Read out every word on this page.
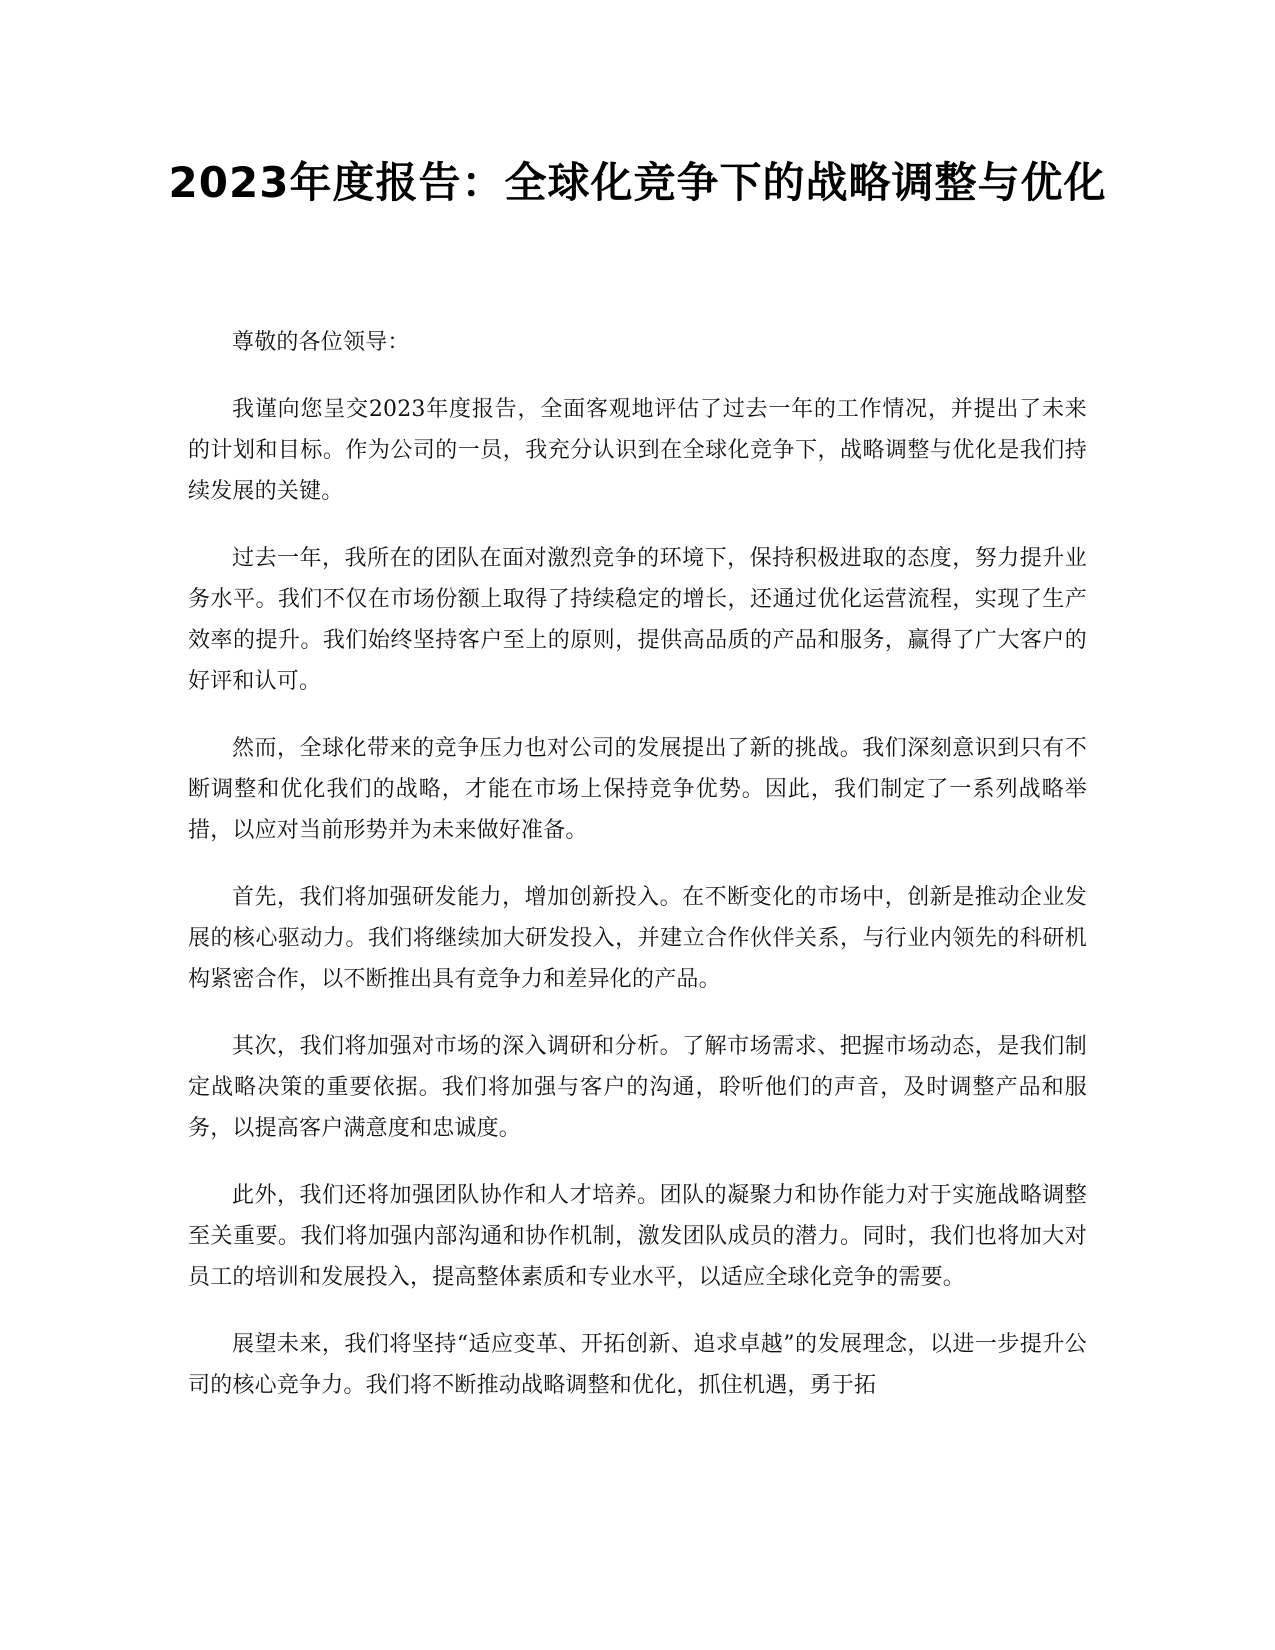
2023年度报告：全球化竞争下的战略调整与优化

尊敬的各位领导：

我谨向您呈交2023年度报告，全面客观地评估了过去一年的工作情况，并提出了未来的计划和目标。作为公司的一员，我充分认识到在全球化竞争下，战略调整与优化是我们持续发展的关键。

过去一年，我所在的团队在面对激烈竞争的环境下，保持积极进取的态度，努力提升业务水平。我们不仅在市场份额上取得了持续稳定的增长，还通过优化运营流程，实现了生产效率的提升。我们始终坚持客户至上的原则，提供高品质的产品和服务，赢得了广大客户的好评和认可。

然而，全球化带来的竞争压力也对公司的发展提出了新的挑战。我们深刻意识到只有不断调整和优化我们的战略，才能在市场上保持竞争优势。因此，我们制定了一系列战略举措，以应对当前形势并为未来做好准备。

首先，我们将加强研发能力，增加创新投入。在不断变化的市场中，创新是推动企业发展的核心驱动力。我们将继续加大研发投入，并建立合作伙伴关系，与行业内领先的科研机构紧密合作，以不断推出具有竞争力和差异化的产品。

其次，我们将加强对市场的深入调研和分析。了解市场需求、把握市场动态，是我们制定战略决策的重要依据。我们将加强与客户的沟通，聆听他们的声音，及时调整产品和服务，以提高客户满意度和忠诚度。

此外，我们还将加强团队协作和人才培养。团队的凝聚力和协作能力对于实施战略调整至关重要。我们将加强内部沟通和协作机制，激发团队成员的潜力。同时，我们也将加大对员工的培训和发展投入，提高整体素质和专业水平，以适应全球化竞争的需要。

展望未来，我们将坚持“适应变革、开拓创新、追求卓越”的发展理念，以进一步提升公司的核心竞争力。我们将不断推动战略调整和优化，抓住机遇，勇于拓
